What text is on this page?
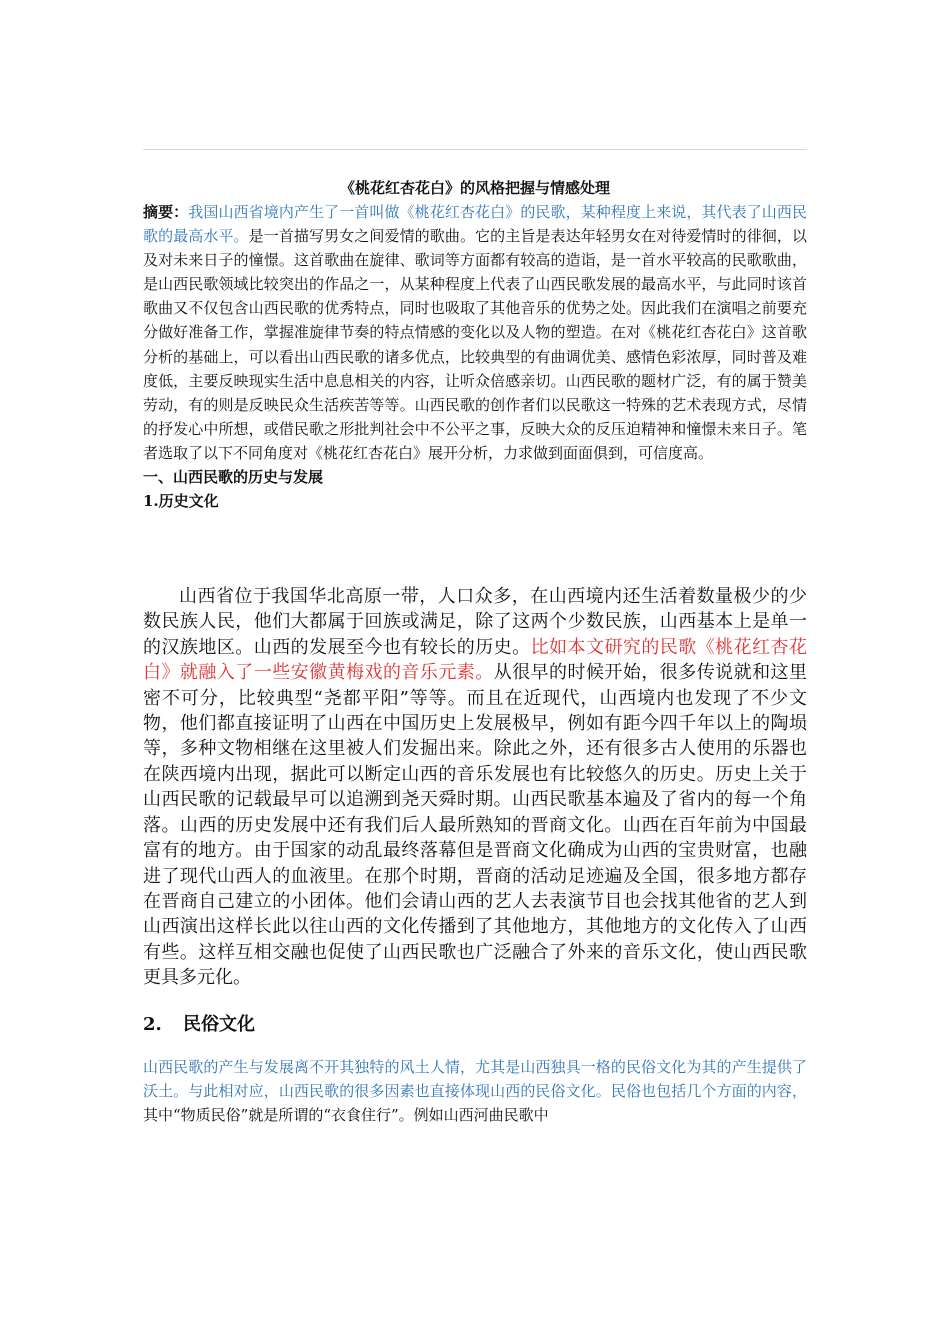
《桃花红杏花白》的风格把握与情感处理

摘要：我国山西省境内产生了一首叫做《桃花红杏花白》的民歌，某种程度上来说，其代表了山西民歌的最高水平。是一首描写男女之间爱情的歌曲。它的主旨是表达年轻男女在对待爱情时的徘徊，以及对未来日子的憧憬。这首歌曲在旋律、歌词等方面都有较高的造诣，是一首水平较高的民歌歌曲，是山西民歌领域比较突出的作品之一，从某种程度上代表了山西民歌发展的最高水平，与此同时该首歌曲又不仅包含山西民歌的优秀特点，同时也吸取了其他音乐的优势之处。因此我们在演唱之前要充分做好准备工作，掌握准旋律节奏的特点情感的变化以及人物的塑造。在对《桃花红杏花白》这首歌分析的基础上，可以看出山西民歌的诸多优点，比较典型的有曲调优美、感情色彩浓厚，同时普及难度低，主要反映现实生活中息息相关的内容，让听众倍感亲切。山西民歌的题材广泛，有的属于赞美劳动，有的则是反映民众生活疾苦等等。山西民歌的创作者们以民歌这一特殊的艺术表现方式，尽情的抒发心中所想，或借民歌之形批判社会中不公平之事，反映大众的反压迫精神和憧憬未来日子。笔者选取了以下不同角度对《桃花红杏花白》展开分析，力求做到面面俱到，可信度高。

一、山西民歌的历史与发展

1.历史文化

山西省位于我国华北高原一带，人口众多，在山西境内还生活着数量极少的少数民族人民，他们大都属于回族或满足，除了这两个少数民族，山西基本上是单一的汉族地区。山西的发展至今也有较长的历史。比如本文研究的民歌《桃花红杏花白》就融入了一些安徽黄梅戏的音乐元素。从很早的时候开始，很多传说就和这里密不可分，比较典型“尧都平阳”等等。而且在近现代，山西境内也发现了不少文物，他们都直接证明了山西在中国历史上发展极早，例如有距今四千年以上的陶埙等，多种文物相继在这里被人们发掘出来。除此之外，还有很多古人使用的乐器也在陕西境内出现，据此可以断定山西的音乐发展也有比较悠久的历史。历史上关于山西民歌的记载最早可以追溯到尧天舜时期。山西民歌基本遍及了省内的每一个角落。山西的历史发展中还有我们后人最所熟知的晋商文化。山西在百年前为中国最富有的地方。由于国家的动乱最终落幕但是晋商文化确成为山西的宝贵财富，也融进了现代山西人的血液里。在那个时期，晋商的活动足迹遍及全国，很多地方都存在晋商自己建立的小团体。他们会请山西的艺人去表演节目也会找其他省的艺人到山西演出这样长此以往山西的文化传播到了其他地方，其他地方的文化传入了山西有些。这样互相交融也促使了山西民歌也广泛融合了外来的音乐文化，使山西民歌更具多元化。

2. 民俗文化

山西民歌的产生与发展离不开其独特的风土人情，尤其是山西独具一格的民俗文化为其的产生提供了沃土。与此相对应，山西民歌的很多因素也直接体现山西的民俗文化。民俗也包括几个方面的内容，其中“物质民俗”就是所谓的“衣食住行”。例如山西河曲民歌中
